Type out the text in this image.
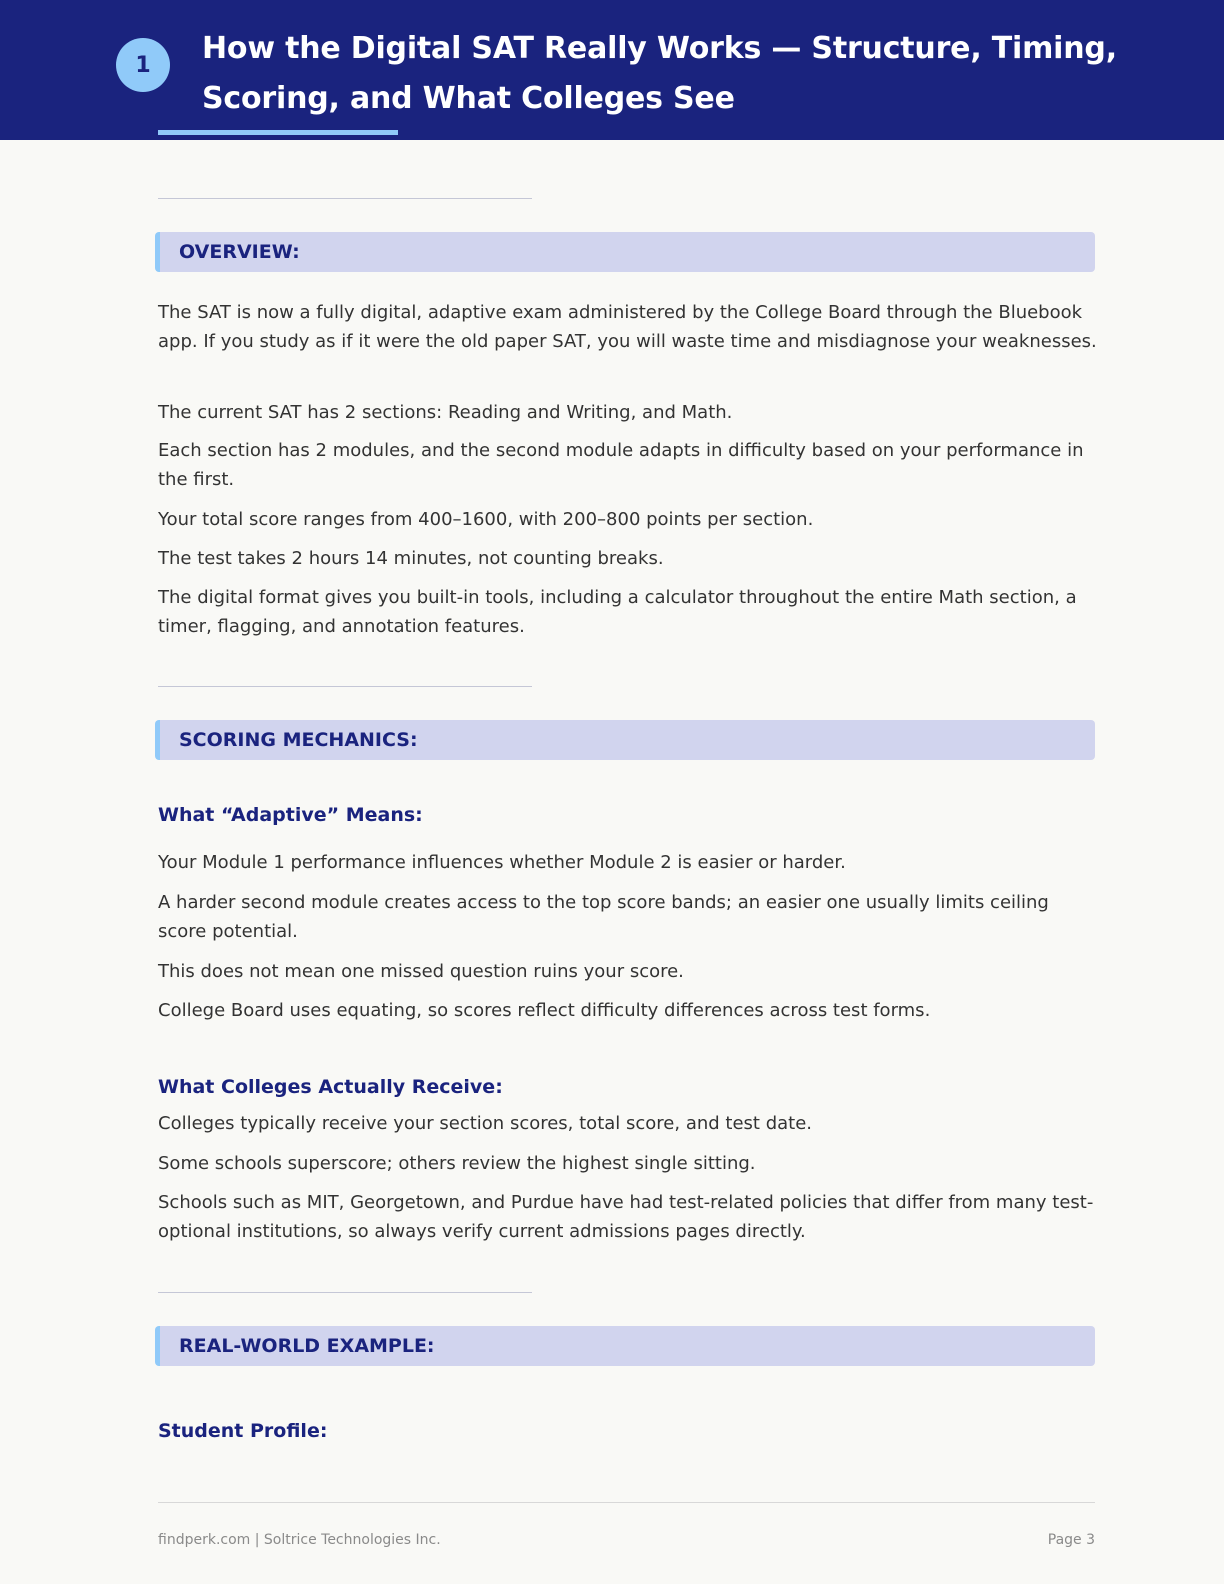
1	How the Digital SAT Really Works — Structure, Timing, Scoring, and What Colleges See
OVERVIEW:
The SAT is now a fully digital, adaptive exam administered by the College Board through the Bluebook app. If you study as if it were the old paper SAT, you will waste time and misdiagnose your weaknesses.
The current SAT has 2 sections: Reading and Writing, and Math.
Each section has 2 modules, and the second module adapts in difficulty based on your performance in the first.
Your total score ranges from 400–1600, with 200–800 points per section.
The test takes 2 hours 14 minutes, not counting breaks.
The digital format gives you built-in tools, including a calculator throughout the entire Math section, a timer, flagging, and annotation features.
SCORING MECHANICS:
What “Adaptive” Means:
Your Module 1 performance influences whether Module 2 is easier or harder.
A harder second module creates access to the top score bands; an easier one usually limits ceiling score potential.
This does not mean one missed question ruins your score.
College Board uses equating, so scores reflect difficulty differences across test forms.
What Colleges Actually Receive:
Colleges typically receive your section scores, total score, and test date.
Some schools superscore; others review the highest single sitting.
Schools such as MIT, Georgetown, and Purdue have had test-related policies that differ from many test-optional institutions, so always verify current admissions pages directly.
REAL-WORLD EXAMPLE:
Student Profile:
findperk.com | Soltrice Technologies Inc.	Page 3
